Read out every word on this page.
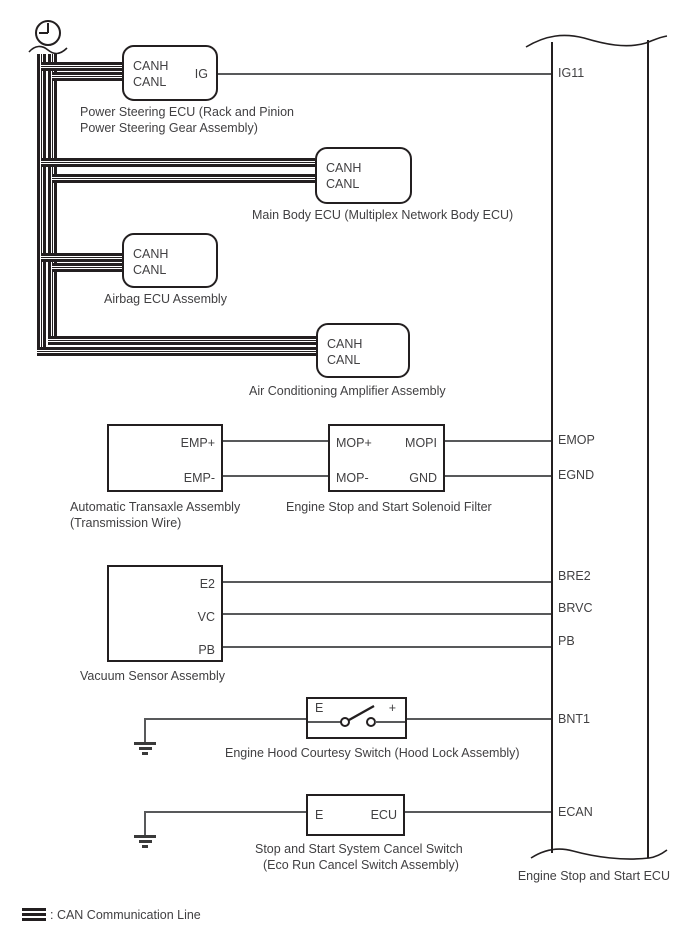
CANH
CANL
IG
Power Steering ECU (Rack and Pinion
Power Steering Gear Assembly)
CANH
CANL
Main Body ECU (Multiplex Network Body ECU)
CANH
CANL
Airbag ECU Assembly
CANH
CANL
Air Conditioning Amplifier Assembly
EMP+
EMP-
Automatic Transaxle Assembly
(Transmission Wire)
MOP+
MOP-
MOPI
GND
Engine Stop and Start Solenoid Filter
E2
VC
PB
Vacuum Sensor Assembly
E	+
Engine Hood Courtesy Switch (Hood Lock Assembly)
E	ECU
Stop and Start System Cancel Switch
(Eco Run Cancel Switch Assembly)
IG11
EMOP
EGND
BRE2
BRVC
PB
BNT1
ECAN
Engine Stop and Start ECU
: CAN Communication Line
